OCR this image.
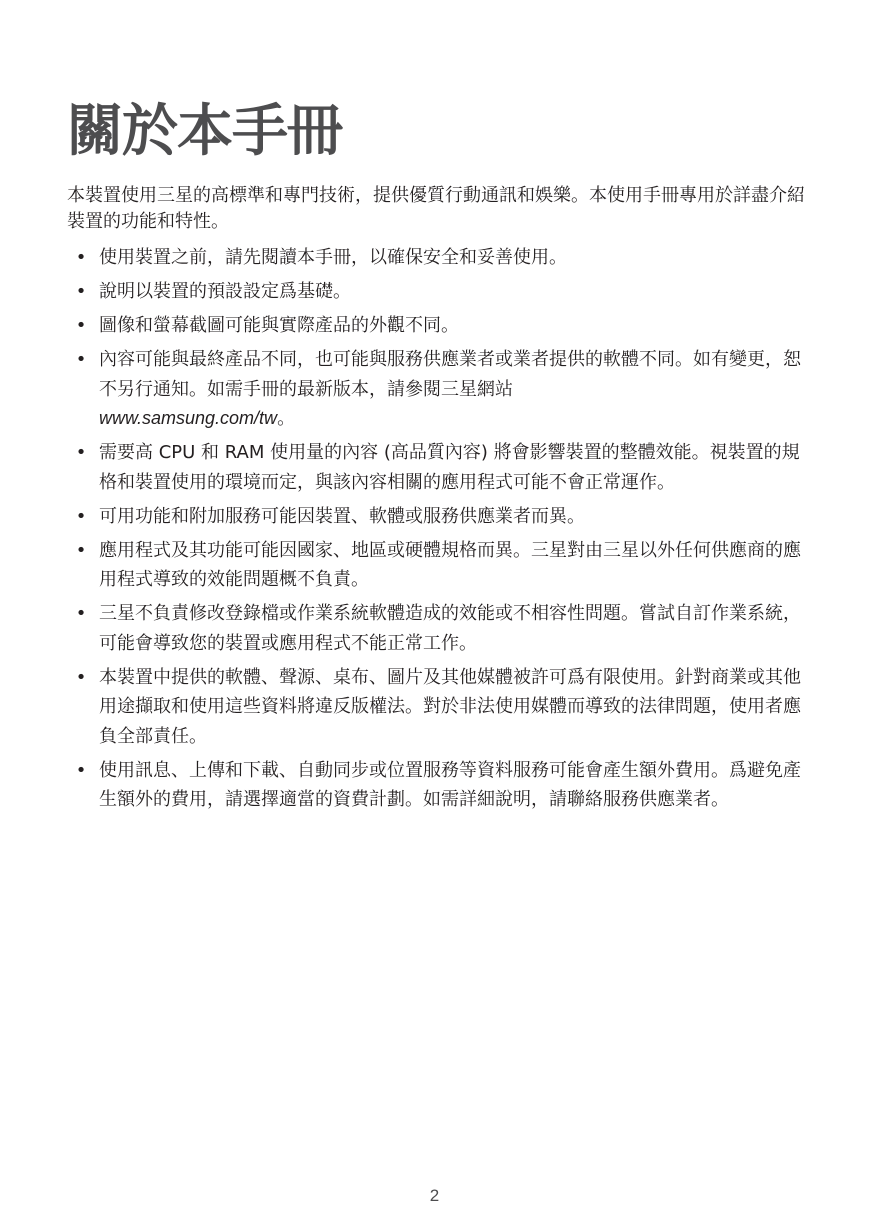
關於本手冊

本裝置使用三星的高標準和專門技術，提供優質行動通訊和娛樂。本使用手冊專用於詳盡介紹裝置的功能和特性。

• 使用裝置之前，請先閱讀本手冊，以確保安全和妥善使用。
• 說明以裝置的預設設定爲基礎。
• 圖像和螢幕截圖可能與實際產品的外觀不同。
• 內容可能與最終產品不同，也可能與服務供應業者或業者提供的軟體不同。如有變更，恕不另行通知。如需手冊的最新版本，請參閱三星網站
www.samsung.com/tw。
• 需要高 CPU 和 RAM 使用量的內容 (高品質內容) 將會影響裝置的整體效能。視裝置的規格和裝置使用的環境而定，與該內容相關的應用程式可能不會正常運作。
• 可用功能和附加服務可能因裝置、軟體或服務供應業者而異。
• 應用程式及其功能可能因國家、地區或硬體規格而異。三星對由三星以外任何供應商的應用程式導致的效能問題概不負責。
• 三星不負責修改登錄檔或作業系統軟體造成的效能或不相容性問題。嘗試自訂作業系統，可能會導致您的裝置或應用程式不能正常工作。
• 本裝置中提供的軟體、聲源、桌布、圖片及其他媒體被許可爲有限使用。針對商業或其他用途擷取和使用這些資料將違反版權法。對於非法使用媒體而導致的法律問題，使用者應負全部責任。
• 使用訊息、上傳和下載、自動同步或位置服務等資料服務可能會產生額外費用。爲避免產生額外的費用，請選擇適當的資費計劃。如需詳細說明，請聯絡服務供應業者。
2
